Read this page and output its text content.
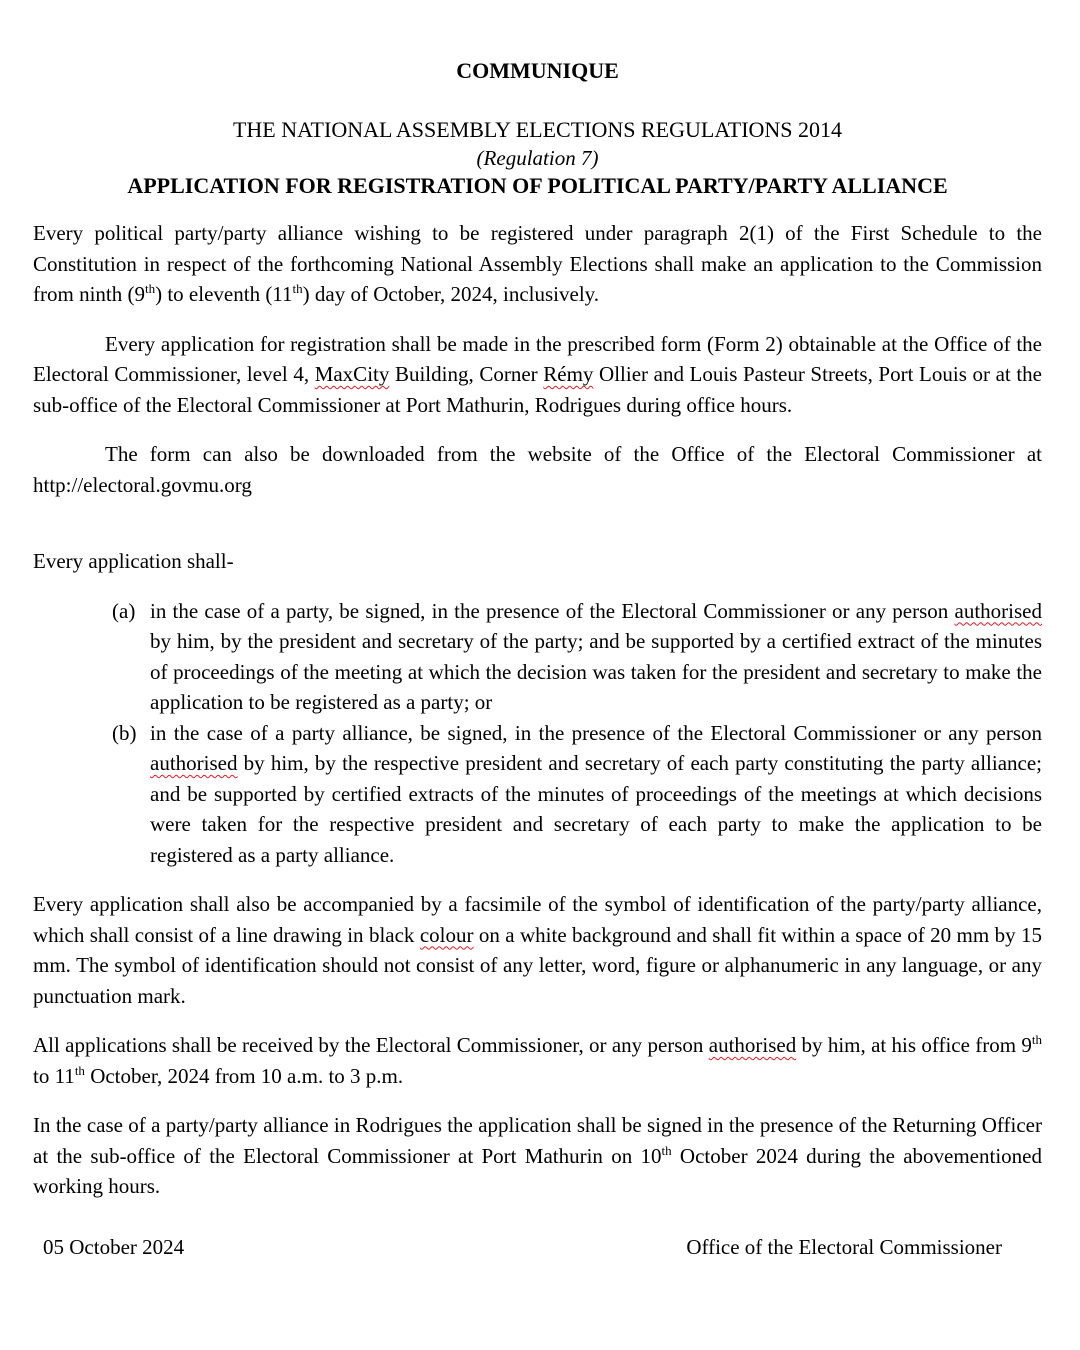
COMMUNIQUE

THE NATIONAL ASSEMBLY ELECTIONS REGULATIONS 2014

(Regulation 7)

APPLICATION FOR REGISTRATION OF POLITICAL PARTY/PARTY ALLIANCE

Every political party/party alliance wishing to be registered under paragraph 2(1) of the First Schedule to the Constitution in respect of the forthcoming National Assembly Elections shall make an application to the Commission from ninth (9th) to eleventh (11th) day of October, 2024, inclusively.

Every application for registration shall be made in the prescribed form (Form 2) obtainable at the Office of the Electoral Commissioner, level 4, MaxCity Building, Corner Rémy Ollier and Louis Pasteur Streets, Port Louis or at the sub-office of the Electoral Commissioner at Port Mathurin, Rodrigues during office hours.

The form can also be downloaded from the website of the Office of the Electoral Commissioner at http://electoral.govmu.org

Every application shall-

(a) in the case of a party, be signed, in the presence of the Electoral Commissioner or any person authorised by him, by the president and secretary of the party; and be supported by a certified extract of the minutes of proceedings of the meeting at which the decision was taken for the president and secretary to make the application to be registered as a party; or
(b) in the case of a party alliance, be signed, in the presence of the Electoral Commissioner or any person authorised by him, by the respective president and secretary of each party constituting the party alliance; and be supported by certified extracts of the minutes of proceedings of the meetings at which decisions were taken for the respective president and secretary of each party to make the application to be registered as a party alliance.

Every application shall also be accompanied by a facsimile of the symbol of identification of the party/party alliance, which shall consist of a line drawing in black colour on a white background and shall fit within a space of 20 mm by 15 mm. The symbol of identification should not consist of any letter, word, figure or alphanumeric in any language, or any punctuation mark.

All applications shall be received by the Electoral Commissioner, or any person authorised by him, at his office from 9th to 11th October, 2024 from 10 a.m. to 3 p.m.

In the case of a party/party alliance in Rodrigues the application shall be signed in the presence of the Returning Officer at the sub-office of the Electoral Commissioner at Port Mathurin on 10th October 2024 during the abovementioned working hours.

05 October 2024	Office of the Electoral Commissioner
